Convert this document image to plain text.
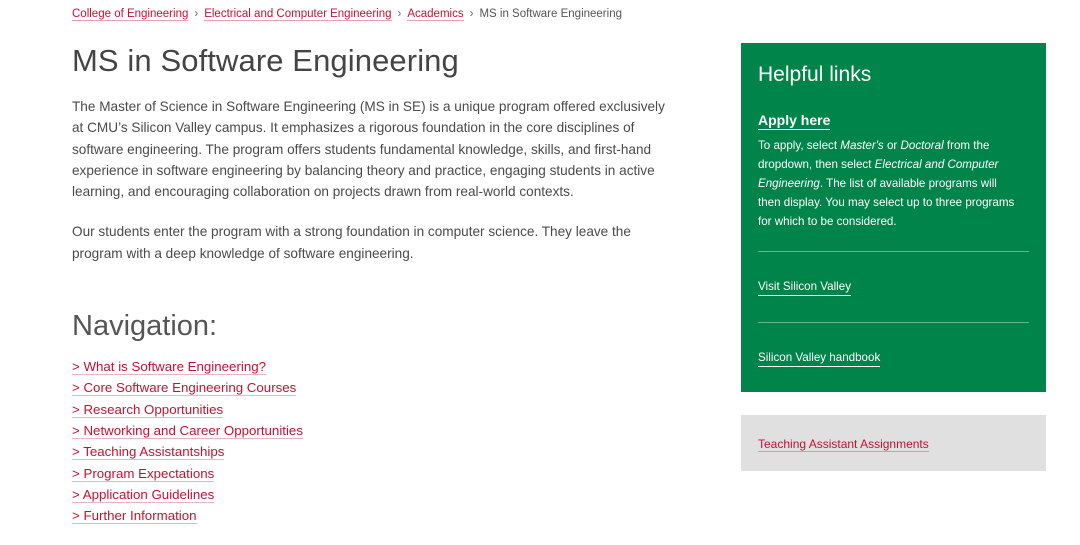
College of Engineering › Electrical and Computer Engineering › Academics › MS in Software Engineering
MS in Software Engineering

The Master of Science in Software Engineering (MS in SE) is a unique program offered exclusively at CMU’s Silicon Valley campus. It emphasizes a rigorous foundation in the core disciplines of software engineering. The program offers students fundamental knowledge, skills, and first-hand experience in software engineering by balancing theory and practice, engaging students in active learning, and encouraging collaboration on projects drawn from real-world contexts.

Our students enter the program with a strong foundation in computer science. They leave the program with a deep knowledge of software engineering.

Navigation:
> What is Software Engineering?
> Core Software Engineering Courses
> Research Opportunities
> Networking and Career Opportunities
> Teaching Assistantships
> Program Expectations
> Application Guidelines
> Further Information
Helpful links
Apply here

To apply, select Master's or Doctoral from the dropdown, then select Electrical and Computer Engineering. The list of available programs will then display. You may select up to three programs for which to be considered.

Visit Silicon Valley
Silicon Valley handbook
Teaching Assistant Assignments
